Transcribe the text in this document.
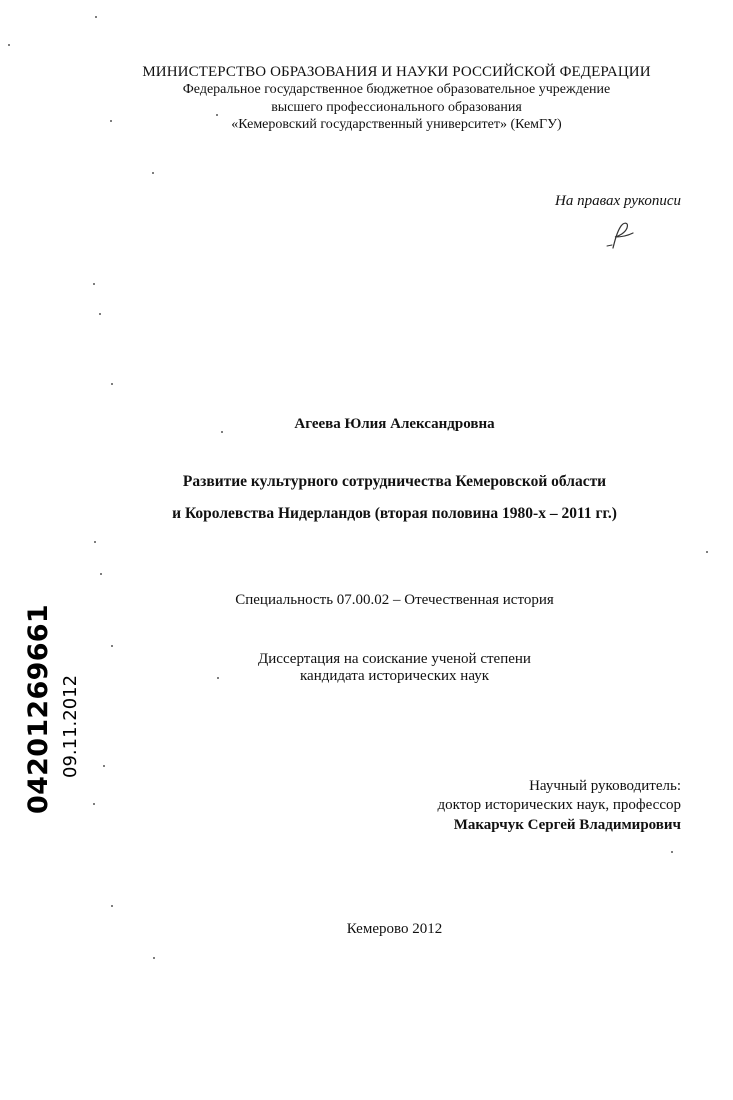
МИНИСТЕРСТВО ОБРАЗОВАНИЯ И НАУКИ РОССИЙСКОЙ ФЕДЕРАЦИИ
Федеральное государственное бюджетное образовательное учреждение
высшего профессионального образования
«Кемеровский государственный университет» (КемГУ)
На правах рукописи
Агеева Юлия Александровна
Развитие культурного сотрудничества Кемеровской области
и Королевства Нидерландов (вторая половина 1980-х – 2011 гг.)
Специальность 07.00.02 – Отечественная история
Диссертация на соискание ученой степени
кандидата исторических наук
Научный руководитель:
доктор исторических наук, профессор
Макарчук Сергей Владимирович
Кемерово 2012
04201269661 09.11.2012
